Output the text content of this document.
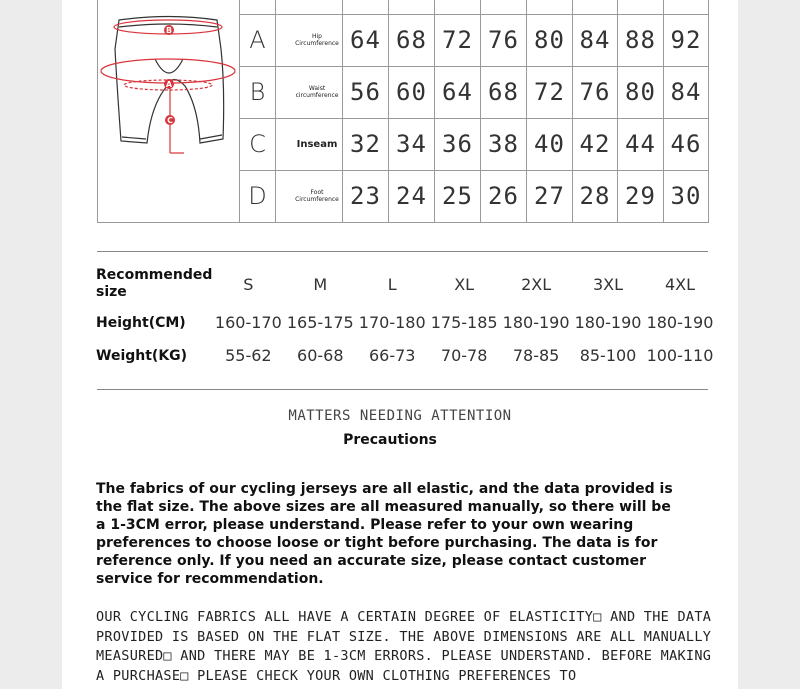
B
A
C										

	A	Hip Circumference	64	68	72	76	80	84	88	92
	B	Waist circumference	56	60	64	68	72	76	80	84
	C	Inseam	32	34	36	38	40	42	44	46
	D	Foot Circumference	23	24	25	26	27	28	29	30
Recommended size	S	M	L	XL	2XL	3XL	4XL
Height(CM)	160-170	165-175	170-180	175-185	180-190	180-190	180-190
Weight(KG)	55-62	60-68	66-73	70-78	78-85	85-100	100-110
MATTERS NEEDING ATTENTION
Precautions
The fabrics of our cycling jerseys are all elastic, and the data provided is the flat size. The above sizes are all measured manually, so there will be a 1-3CM error, please understand. Please refer to your own wearing preferences to choose loose or tight before purchasing. The data is for reference only. If you need an accurate size, please contact customer service for recommendation.
OUR CYCLING FABRICS ALL HAVE A CERTAIN DEGREE OF ELASTICITY□ AND THE DATA PROVIDED IS BASED ON THE FLAT SIZE. THE ABOVE DIMENSIONS ARE ALL MANUALLY MEASURED□ AND THERE MAY BE 1-3CM ERRORS. PLEASE UNDERSTAND. BEFORE MAKING A PURCHASE□ PLEASE CHECK YOUR OWN CLOTHING PREFERENCES TO
